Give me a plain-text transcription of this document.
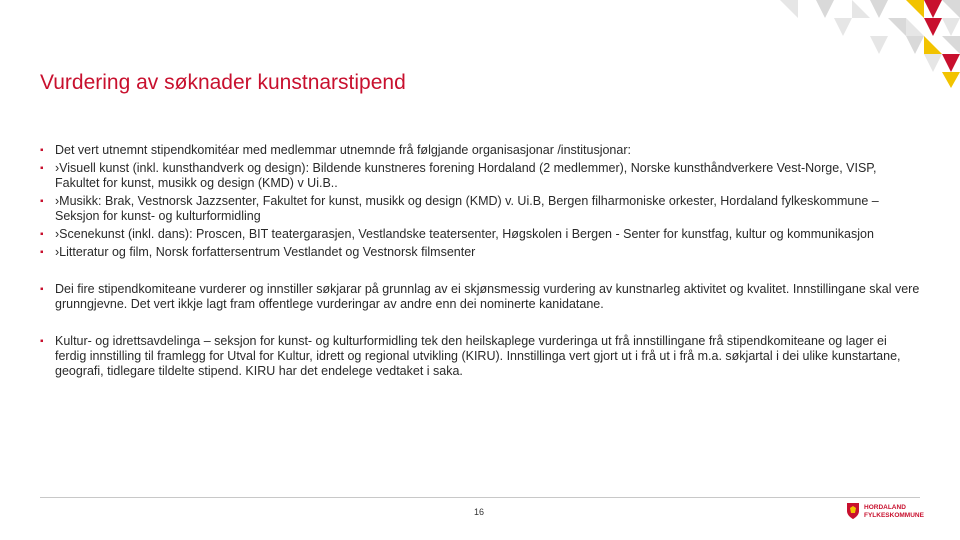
Vurdering av søknader kunstnarstipend
▪ Det vert utnemnt stipendkomitéar med medlemmar utnemnde frå følgjande organisasjonar /institusjonar:
▪ ›Visuell kunst (inkl. kunsthandverk og design): Bildende kunstneres forening Hordaland (2 medlemmer), Norske kunsthåndverkere Vest-Norge, VISP, Fakultet for kunst, musikk og design (KMD) v Ui.B..
▪ ›Musikk: Brak, Vestnorsk Jazzsenter, Fakultet for kunst, musikk og design (KMD) v. Ui.B, Bergen filharmoniske orkester, Hordaland fylkeskommune – Seksjon for kunst- og kulturformidling
▪ ›Scenekunst (inkl. dans): Proscen, BIT teatergarasjen, Vestlandske teatersenter, Høgskolen i Bergen - Senter for kunstfag, kultur og kommunikasjon
▪ ›Litteratur og film, Norsk forfattersentrum Vestlandet og Vestnorsk filmsenter
▪ Dei fire stipendkomiteane vurderer og innstiller søkjarar på grunnlag av ei skjønsmessig vurdering av kunstnarleg aktivitet og kvalitet. Innstillingane skal vere grunngjevne. Det vert ikkje lagt fram offentlege vurderingar av andre enn dei nominerte kanidatane.
▪ Kultur- og idrettsavdelinga – seksjon for kunst- og kulturformidling tek den heilskaplege vurderinga ut frå innstillingane frå stipendkomiteane og lager ei ferdig innstilling til framlegg for Utval for Kultur, idrett og regional utvikling (KIRU). Innstillinga vert gjort ut i frå ut i frå m.a. søkjartal i dei ulike kunstartane, geografi, tidlegare tildelte stipend. KIRU har det endelege vedtaket i saka.
16	HORDALAND
FYLKESKOMMUNE
